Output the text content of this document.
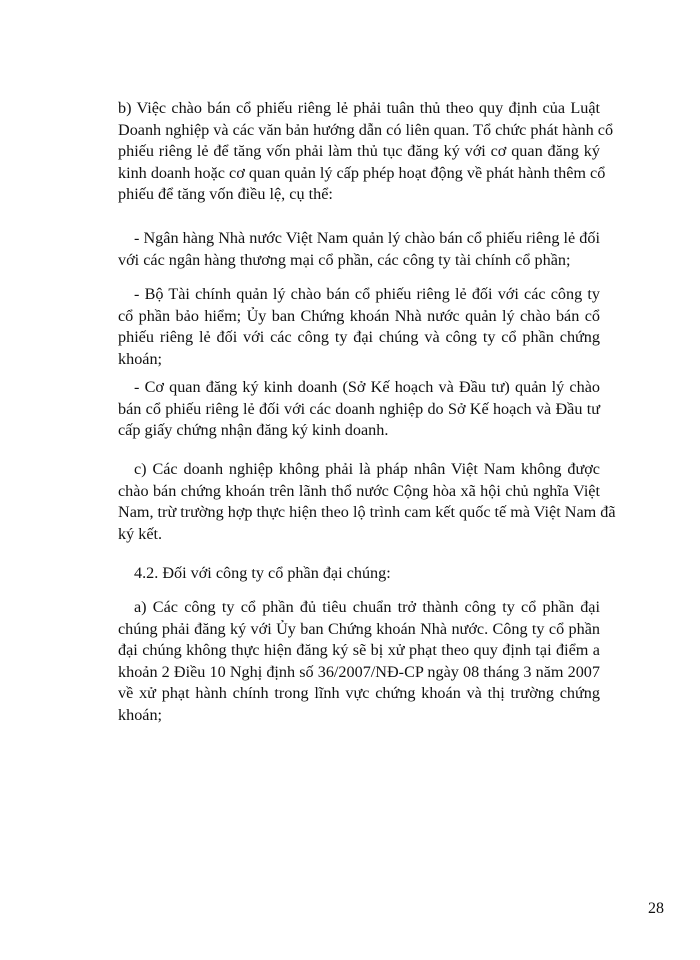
b) Việc chào bán cổ phiếu riêng lẻ phải tuân thủ theo quy định của Luật
Doanh nghiệp và các văn bản hướng dẫn có liên quan. Tổ chức phát hành cổ
phiếu riêng lẻ để tăng vốn phải làm thủ tục đăng ký với cơ quan đăng ký
kinh doanh hoặc cơ quan quản lý cấp phép hoạt động về phát hành thêm cổ
phiếu để tăng vốn điều lệ, cụ thể:
- Ngân hàng Nhà nước Việt Nam quản lý chào bán cổ phiếu riêng lẻ đối
với các ngân hàng thương mại cổ phần, các công ty tài chính cổ phần;
- Bộ Tài chính quản lý chào bán cổ phiếu riêng lẻ đối với các công ty
cổ phần bảo hiểm; Ủy ban Chứng khoán Nhà nước quản lý chào bán cổ
phiếu riêng lẻ đối với các công ty đại chúng và công ty cổ phần chứng
khoán;
- Cơ quan đăng ký kinh doanh (Sở Kế hoạch và Đầu tư) quản lý chào
bán cổ phiếu riêng lẻ đối với các doanh nghiệp do Sở Kế hoạch và Đầu tư
cấp giấy chứng nhận đăng ký kinh doanh.
c) Các doanh nghiệp không phải là pháp nhân Việt Nam không được
chào bán chứng khoán trên lãnh thổ nước Cộng hòa xã hội chủ nghĩa Việt
Nam, trừ trường hợp thực hiện theo lộ trình cam kết quốc tế mà Việt Nam đã
ký kết.
4.2. Đối với công ty cổ phần đại chúng:
a) Các công ty cổ phần đủ tiêu chuẩn trở thành công ty cổ phần đại
chúng phải đăng ký với Ủy ban Chứng khoán Nhà nước. Công ty cổ phần
đại chúng không thực hiện đăng ký sẽ bị xử phạt theo quy định tại điểm a
khoản 2 Điều 10 Nghị định số 36/2007/NĐ-CP ngày 08 tháng 3 năm 2007
về xử phạt hành chính trong lĩnh vực chứng khoán và thị trường chứng
khoán;
28
